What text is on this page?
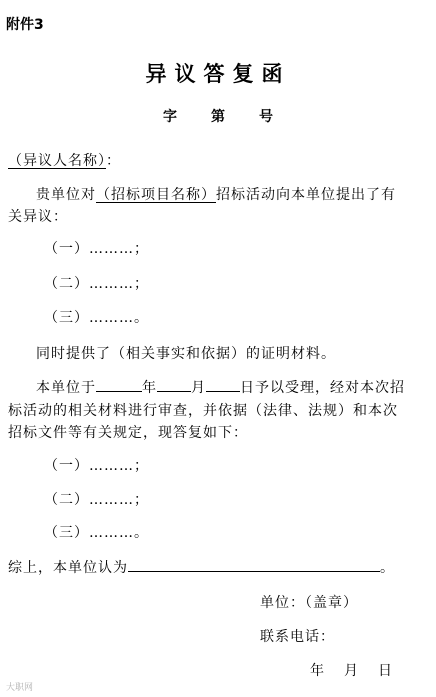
附件3
异议答复函
字 第 号
（异议人名称）：
贵单位对（招标项目名称）招标活动向本单位提出了有
关异议：
（一）………；
（二）………；
（三）………。
同时提供了（相关事实和依据）的证明材料。
本单位于	年 月 日予以受理，经对本次招
标活动的相关材料进行审查，并依据（法律、法规）和本次
招标文件等有关规定，现答复如下：
（一）………；
（二）………；
（三）………。
综上，本单位认为	。
单位：（盖章）
联系电话：
年　月　日
大职网
